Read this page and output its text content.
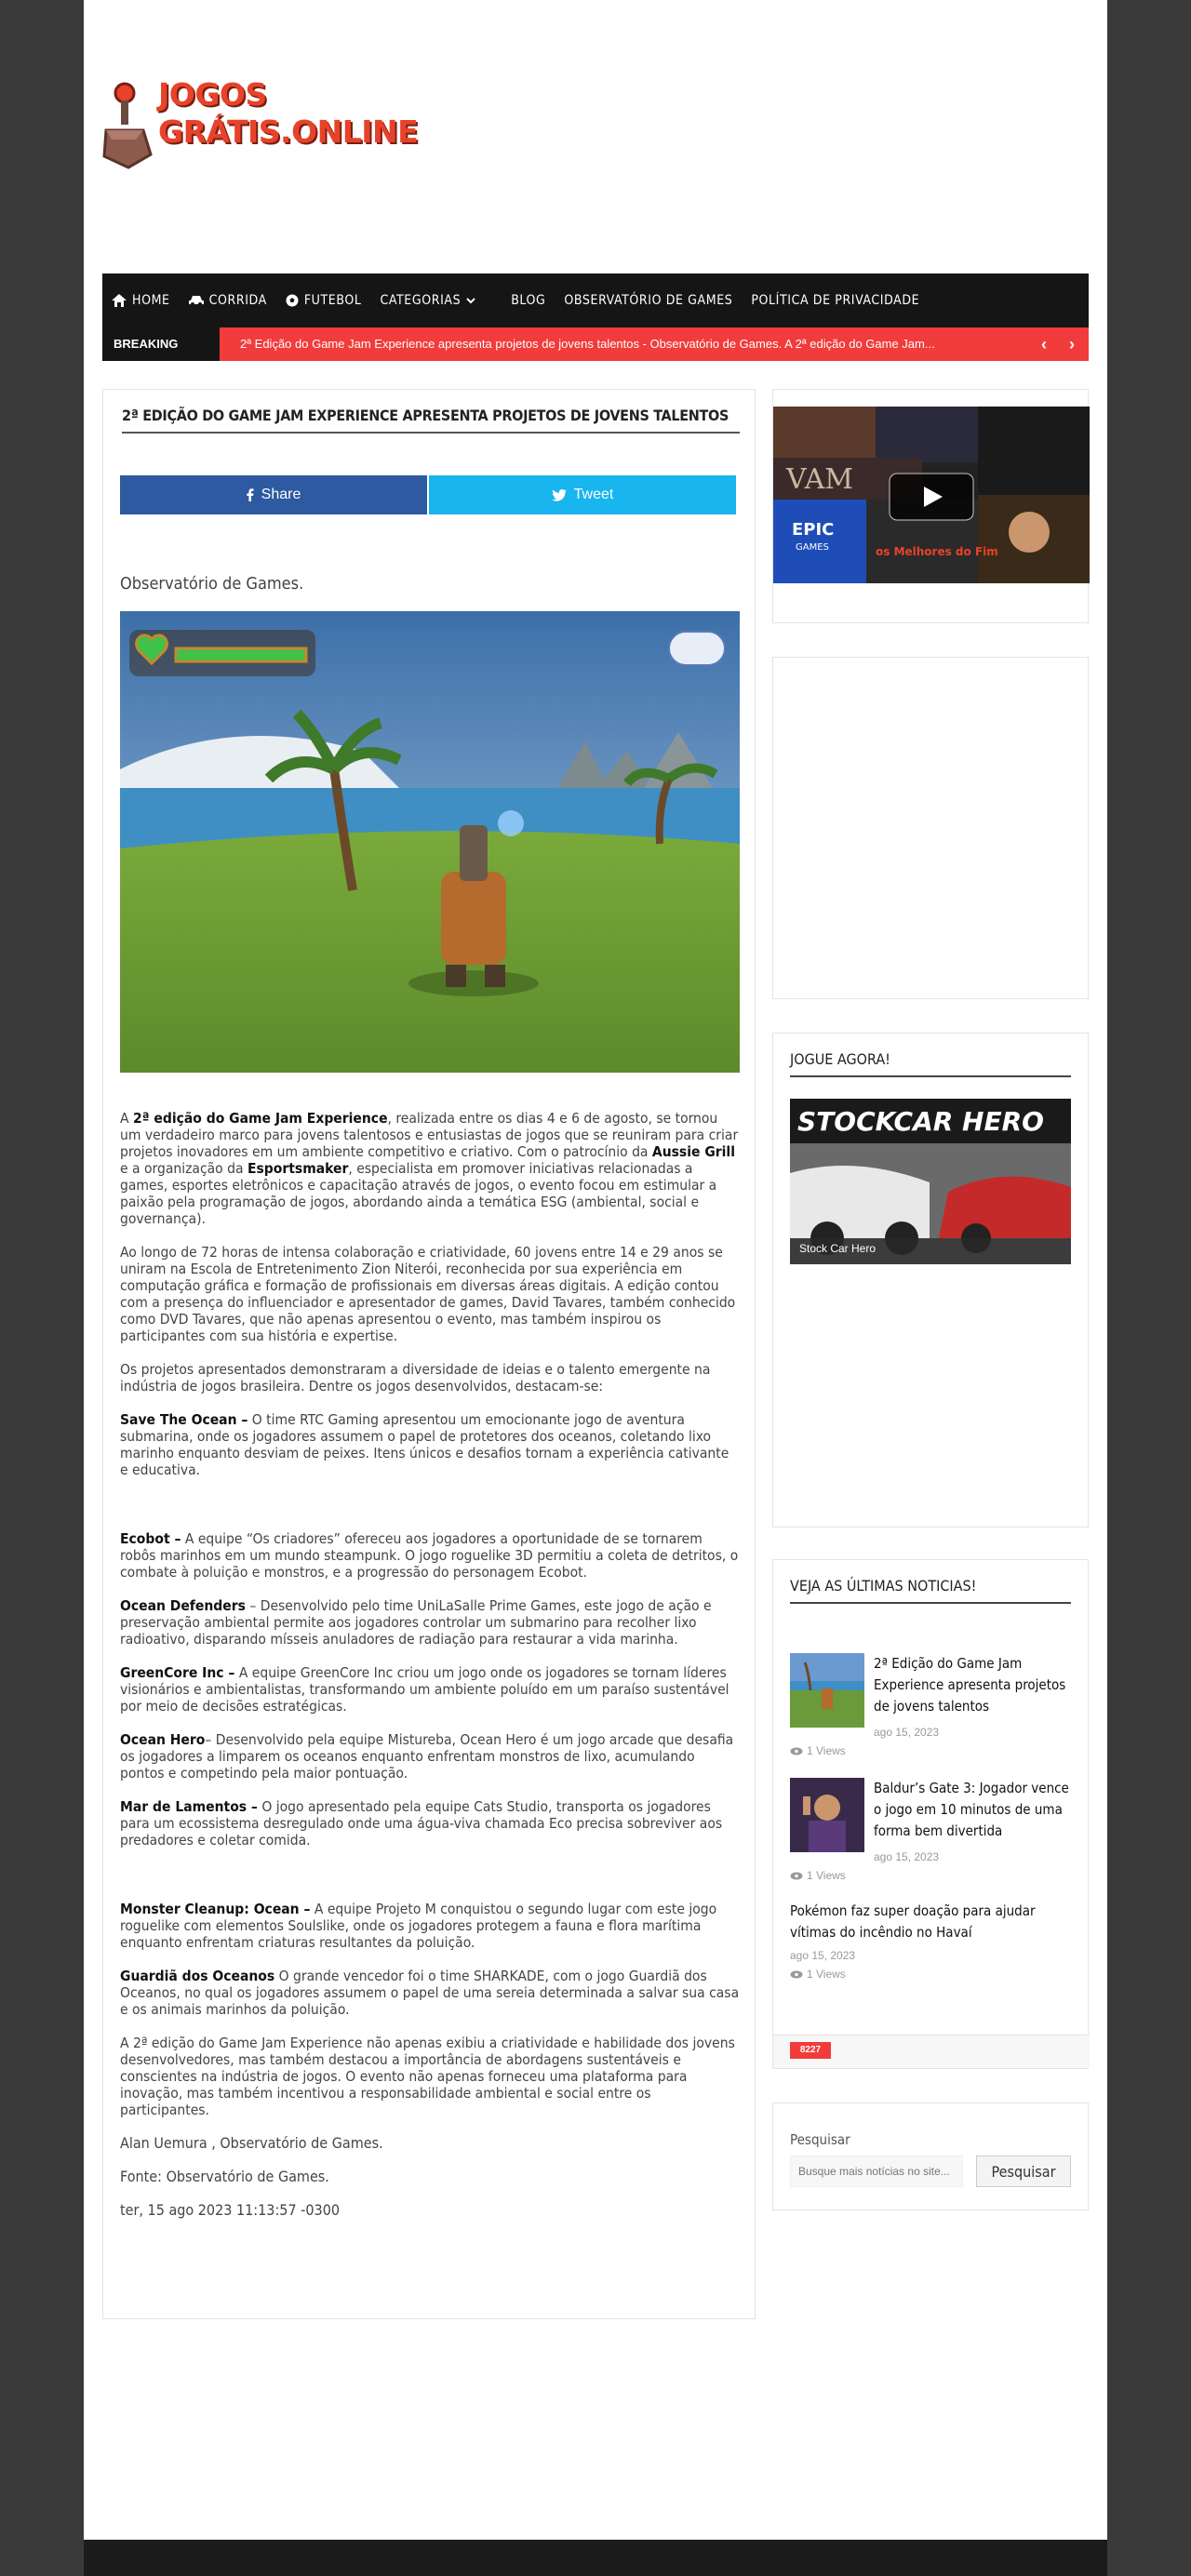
JOGOS
GRÁTIS.ONLINE
HOME	CORRIDA	FUTEBOL CATEGORIAS	BLOG OBSERVATÓRIO DE GAMES POLÍTICA DE PRIVACIDADE
BREAKING NEWS:
2ª Edição do Game Jam Experience apresenta projetos de jovens talentos - Observatório de Games. A 2ª edição do Game Jam...	‹	›
2ª EDIÇÃO DO GAME JAM EXPERIENCE APRESENTA PROJETOS DE JOVENS TALENTOS
Share	Tweet
Observatório de Games.

A 2ª edição do Game Jam Experience, realizada entre os dias 4 e 6 de agosto, se tornou um verdadeiro marco para jovens talentosos e entusiastas de jogos que se reuniram para criar projetos inovadores em um ambiente competitivo e criativo. Com o patrocínio da Aussie Grill e a organização da Esportsmaker, especialista em promover iniciativas relacionadas a games, esportes eletrônicos e capacitação através de jogos, o evento focou em estimular a paixão pela programação de jogos, abordando ainda a temática ESG (ambiental, social e governança).

Ao longo de 72 horas de intensa colaboração e criatividade, 60 jovens entre 14 e 29 anos se uniram na Escola de Entretenimento Zion Niterói, reconhecida por sua experiência em computação gráfica e formação de profissionais em diversas áreas digitais. A edição contou com a presença do influenciador e apresentador de games, David Tavares, também conhecido como DVD Tavares, que não apenas apresentou o evento, mas também inspirou os participantes com sua história e expertise.

Os projetos apresentados demonstraram a diversidade de ideias e o talento emergente na indústria de jogos brasileira. Dentre os jogos desenvolvidos, destacam-se:

Save The Ocean – O time RTC Gaming apresentou um emocionante jogo de aventura submarina, onde os jogadores assumem o papel de protetores dos oceanos, coletando lixo marinho enquanto desviam de peixes. Itens únicos e desafios tornam a experiência cativante e educativa.

Ecobot – A equipe “Os criadores” ofereceu aos jogadores a oportunidade de se tornarem robôs marinhos em um mundo steampunk. O jogo roguelike 3D permitiu a coleta de detritos, o combate à poluição e monstros, e a progressão do personagem Ecobot.

Ocean Defenders – Desenvolvido pelo time UniLaSalle Prime Games, este jogo de ação e preservação ambiental permite aos jogadores controlar um submarino para recolher lixo radioativo, disparando mísseis anuladores de radiação para restaurar a vida marinha.

GreenCore Inc – A equipe GreenCore Inc criou um jogo onde os jogadores se tornam líderes visionários e ambientalistas, transformando um ambiente poluído em um paraíso sustentável por meio de decisões estratégicas.

Ocean Hero– Desenvolvido pela equipe Mistureba, Ocean Hero é um jogo arcade que desafia os jogadores a limparem os oceanos enquanto enfrentam monstros de lixo, acumulando pontos e competindo pela maior pontuação.

Mar de Lamentos – O jogo apresentado pela equipe Cats Studio, transporta os jogadores para um ecossistema desregulado onde uma água-viva chamada Eco precisa sobreviver aos predadores e coletar comida.

Monster Cleanup: Ocean – A equipe Projeto M conquistou o segundo lugar com este jogo roguelike com elementos Soulslike, onde os jogadores protegem a fauna e flora marítima enquanto enfrentam criaturas resultantes da poluição.

Guardiã dos Oceanos O grande vencedor foi o time SHARKADE, com o jogo Guardiã dos Oceanos, no qual os jogadores assumem o papel de uma sereia determinada a salvar sua casa e os animais marinhos da poluição.

A 2ª edição do Game Jam Experience não apenas exibiu a criatividade e habilidade dos jovens desenvolvedores, mas também destacou a importância de abordagens sustentáveis e conscientes na indústria de jogos. O evento não apenas forneceu uma plataforma para inovação, mas também incentivou a responsabilidade ambiental e social entre os participantes.

Alan Uemura , Observatório de Games.

Fonte: Observatório de Games.

ter, 15 ago 2023 11:13:57 -0300

VAM
EPIC
GAMES	os Melhores do Fim
JOGUE AGORA!
STOCKCAR HERO
Stock Car Hero
VEJA AS ÚLTIMAS NOTICIAS!
2ª Edição do Game Jam Experience apresenta projetos de jovens talentos
ago 15, 2023
1 Views
Baldur’s Gate 3: Jogador vence o jogo em 10 minutos de uma forma bem divertida
ago 15, 2023
1 Views
Pokémon faz super doação para ajudar vítimas do incêndio no Havaí
ago 15, 2023
1 Views
8227
Pesquisar
Busque mais notícias no site...
Pesquisar
